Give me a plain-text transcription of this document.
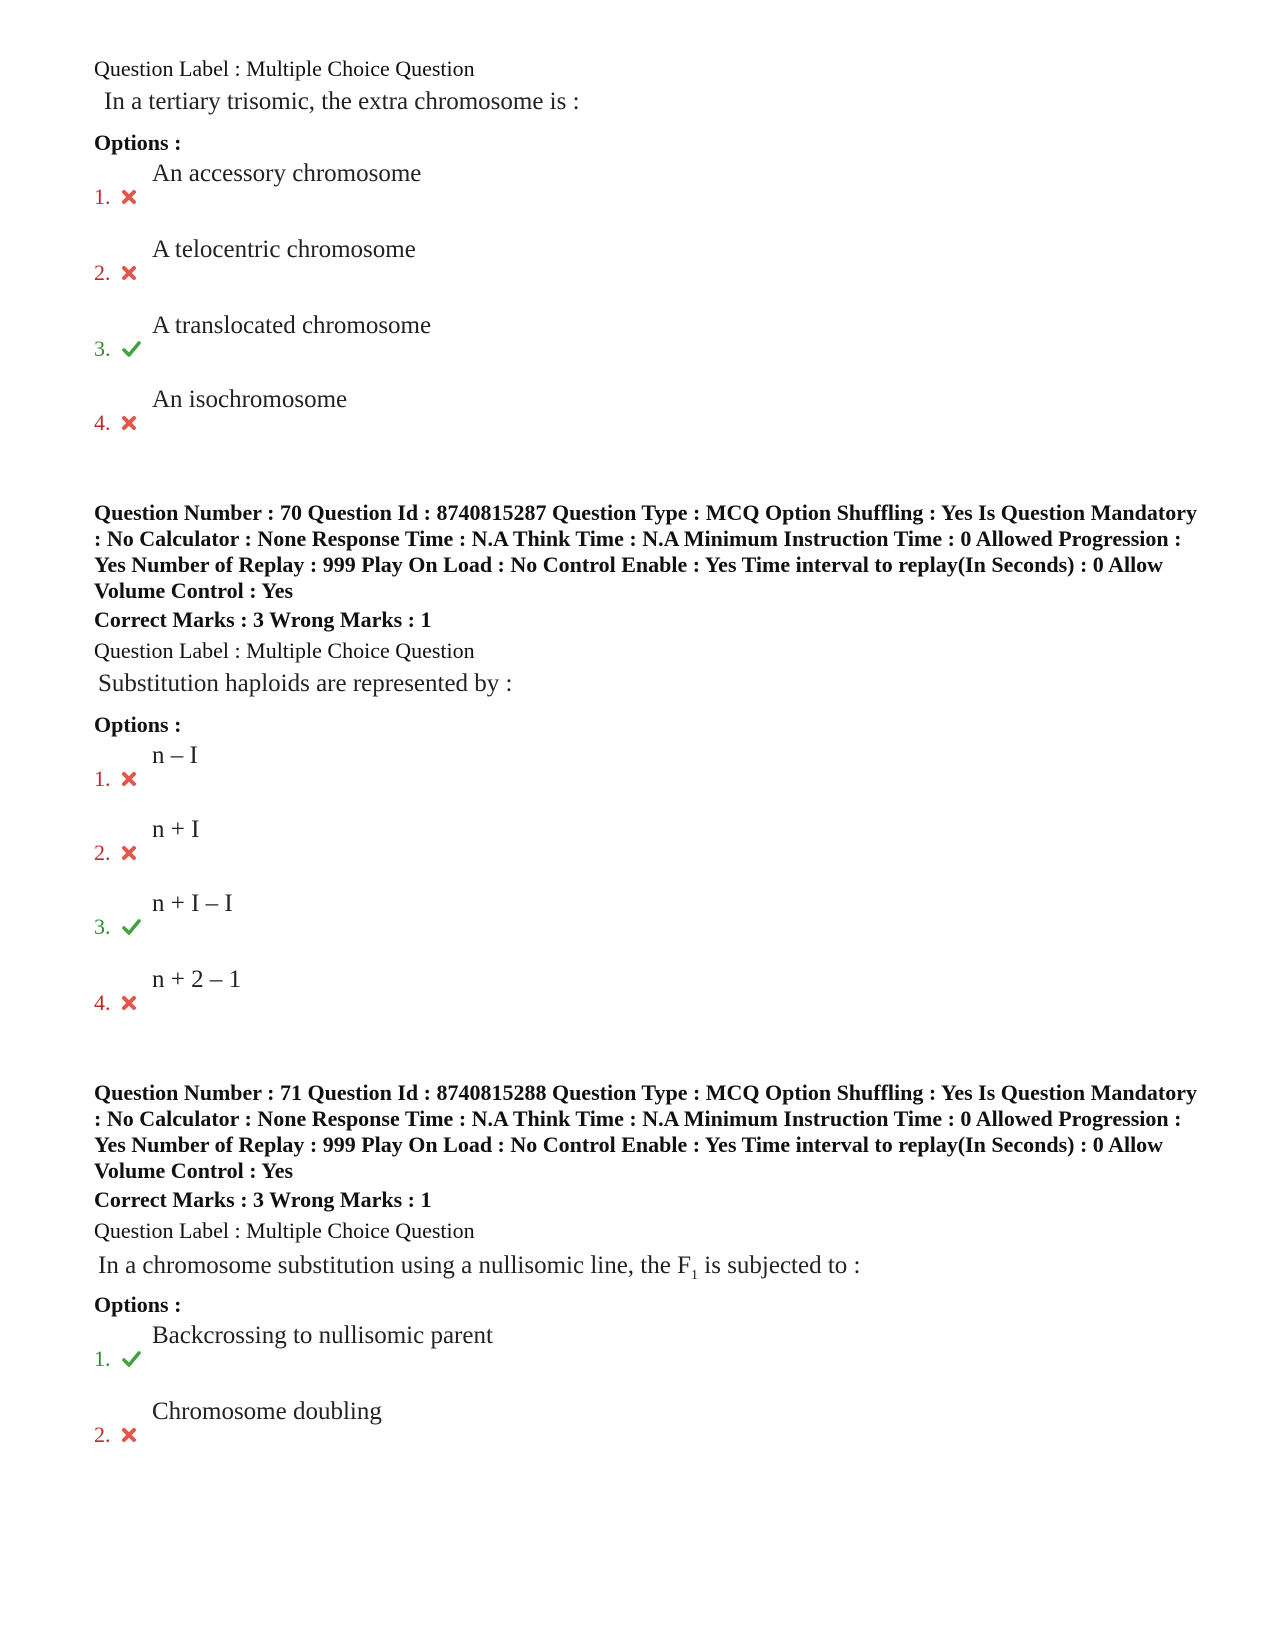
Question Label : Multiple Choice Question
In a tertiary trisomic, the extra chromosome is :
Options :
1.
An accessory chromosome
2.
A telocentric chromosome
3.
A translocated chromosome
4.
An isochromosome
Question Number : 70 Question Id : 8740815287 Question Type : MCQ Option Shuffling : Yes Is Question Mandatory : No Calculator : None Response Time : N.A Think Time : N.A Minimum Instruction Time : 0 Allowed Progression : Yes Number of Replay : 999 Play On Load : No Control Enable : Yes Time interval to replay(In Seconds) : 0 Allow Volume Control : Yes
Correct Marks : 3 Wrong Marks : 1
Question Label : Multiple Choice Question
Substitution haploids are represented by :
Options :
1.
n – I
2.
n + I
3.
n + I – I
4.
n + 2 – 1
Question Number : 71 Question Id : 8740815288 Question Type : MCQ Option Shuffling : Yes Is Question Mandatory : No Calculator : None Response Time : N.A Think Time : N.A Minimum Instruction Time : 0 Allowed Progression : Yes Number of Replay : 999 Play On Load : No Control Enable : Yes Time interval to replay(In Seconds) : 0 Allow Volume Control : Yes
Correct Marks : 3 Wrong Marks : 1
Question Label : Multiple Choice Question
In a chromosome substitution using a nullisomic line, the $F_1$ is subjected to :
Options :
1.
Backcrossing to nullisomic parent
2.
Chromosome doubling
